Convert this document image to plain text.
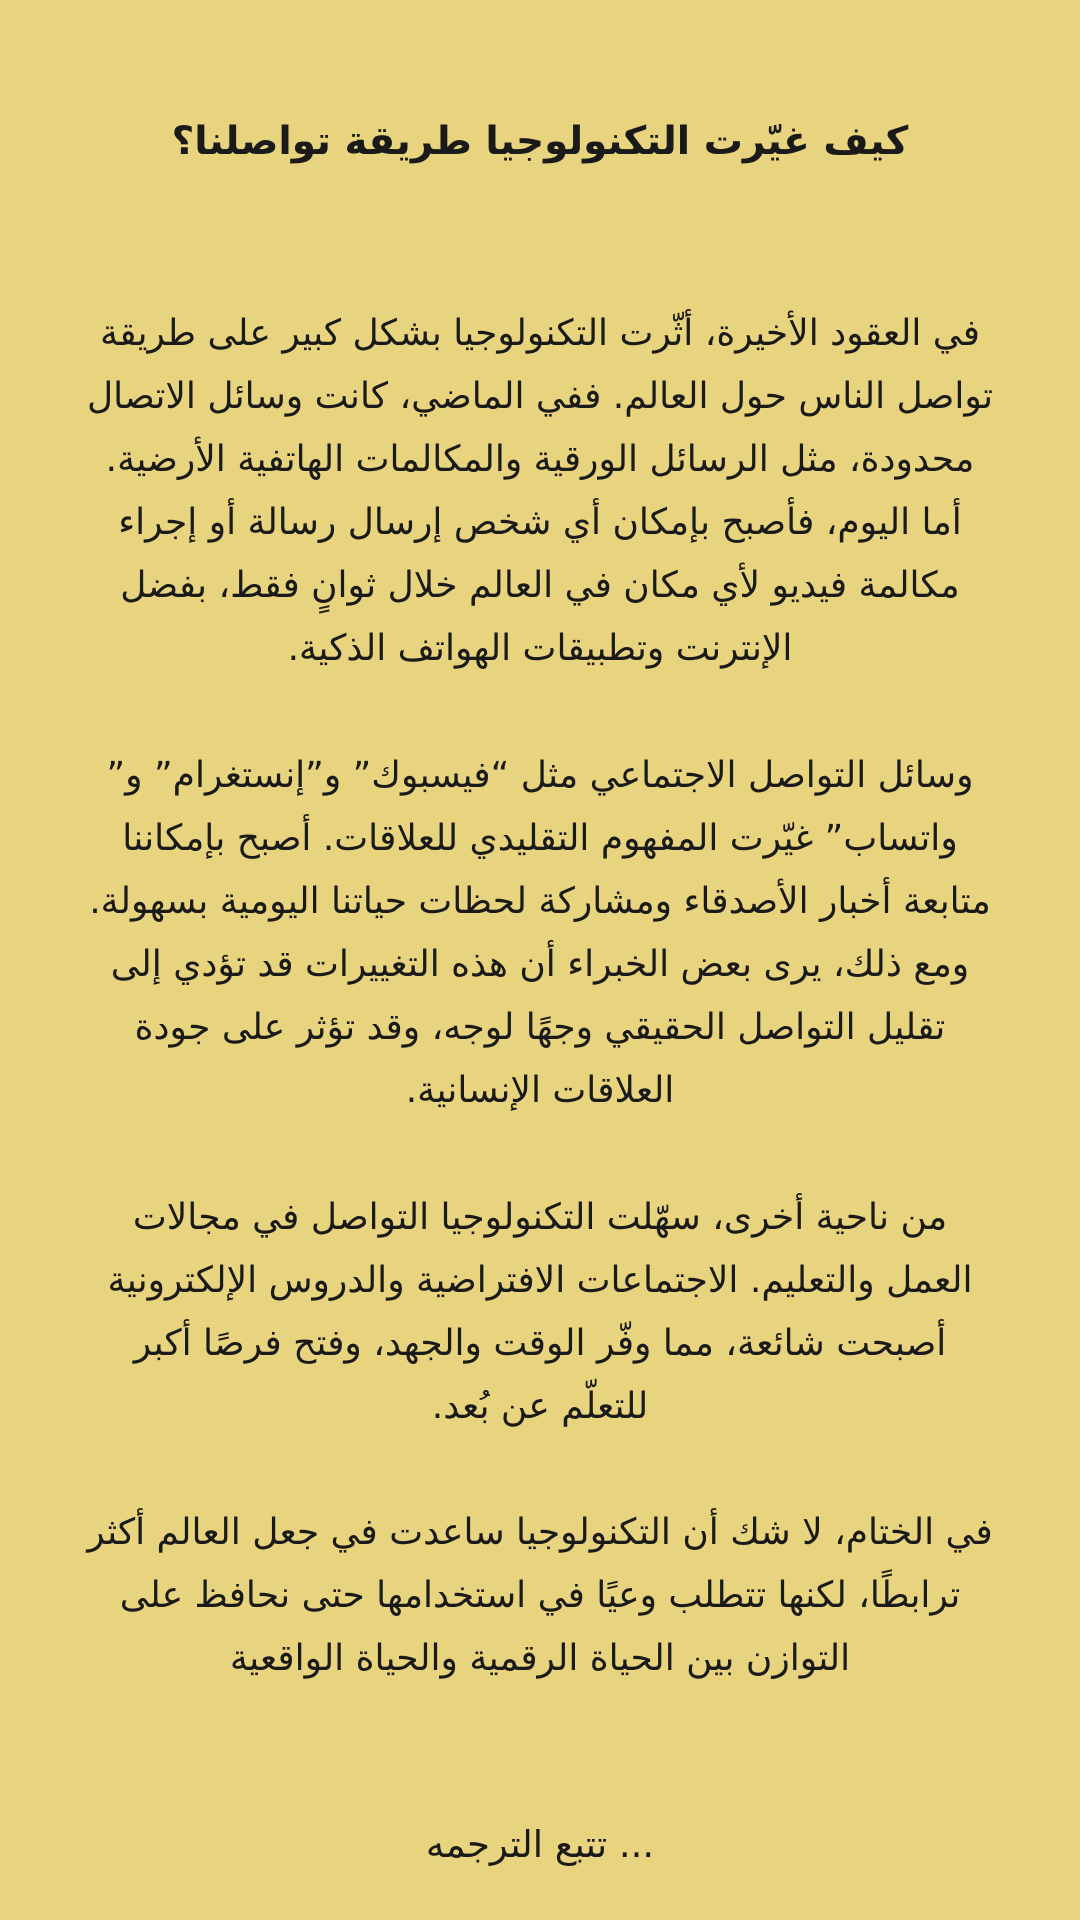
كيف غيّرت التكنولوجيا طريقة تواصلنا؟

في العقود الأخيرة، أثّرت التكنولوجيا بشكل كبير على طريقة
تواصل الناس حول العالم. ففي الماضي، كانت وسائل الاتصال
محدودة، مثل الرسائل الورقية والمكالمات الهاتفية الأرضية.
أما اليوم، فأصبح بإمكان أي شخص إرسال رسالة أو إجراء
مكالمة فيديو لأي مكان في العالم خلال ثوانٍ فقط، بفضل
الإنترنت وتطبيقات الهواتف الذكية.

وسائل التواصل الاجتماعي مثل “فيسبوك” و”إنستغرام” و”
واتساب” غيّرت المفهوم التقليدي للعلاقات. أصبح بإمكاننا
متابعة أخبار الأصدقاء ومشاركة لحظات حياتنا اليومية بسهولة.
ومع ذلك، يرى بعض الخبراء أن هذه التغييرات قد تؤدي إلى
تقليل التواصل الحقيقي وجهًا لوجه، وقد تؤثر على جودة
العلاقات الإنسانية.

من ناحية أخرى، سهّلت التكنولوجيا التواصل في مجالات
العمل والتعليم. الاجتماعات الافتراضية والدروس الإلكترونية
أصبحت شائعة، مما وفّر الوقت والجهد، وفتح فرصًا أكبر
للتعلّم عن بُعد.

في الختام، لا شك أن التكنولوجيا ساعدت في جعل العالم أكثر
ترابطًا، لكنها تتطلب وعيًا في استخدامها حتى نحافظ على
التوازن بين الحياة الرقمية والحياة الواقعية

تتبع الترجمه ...
